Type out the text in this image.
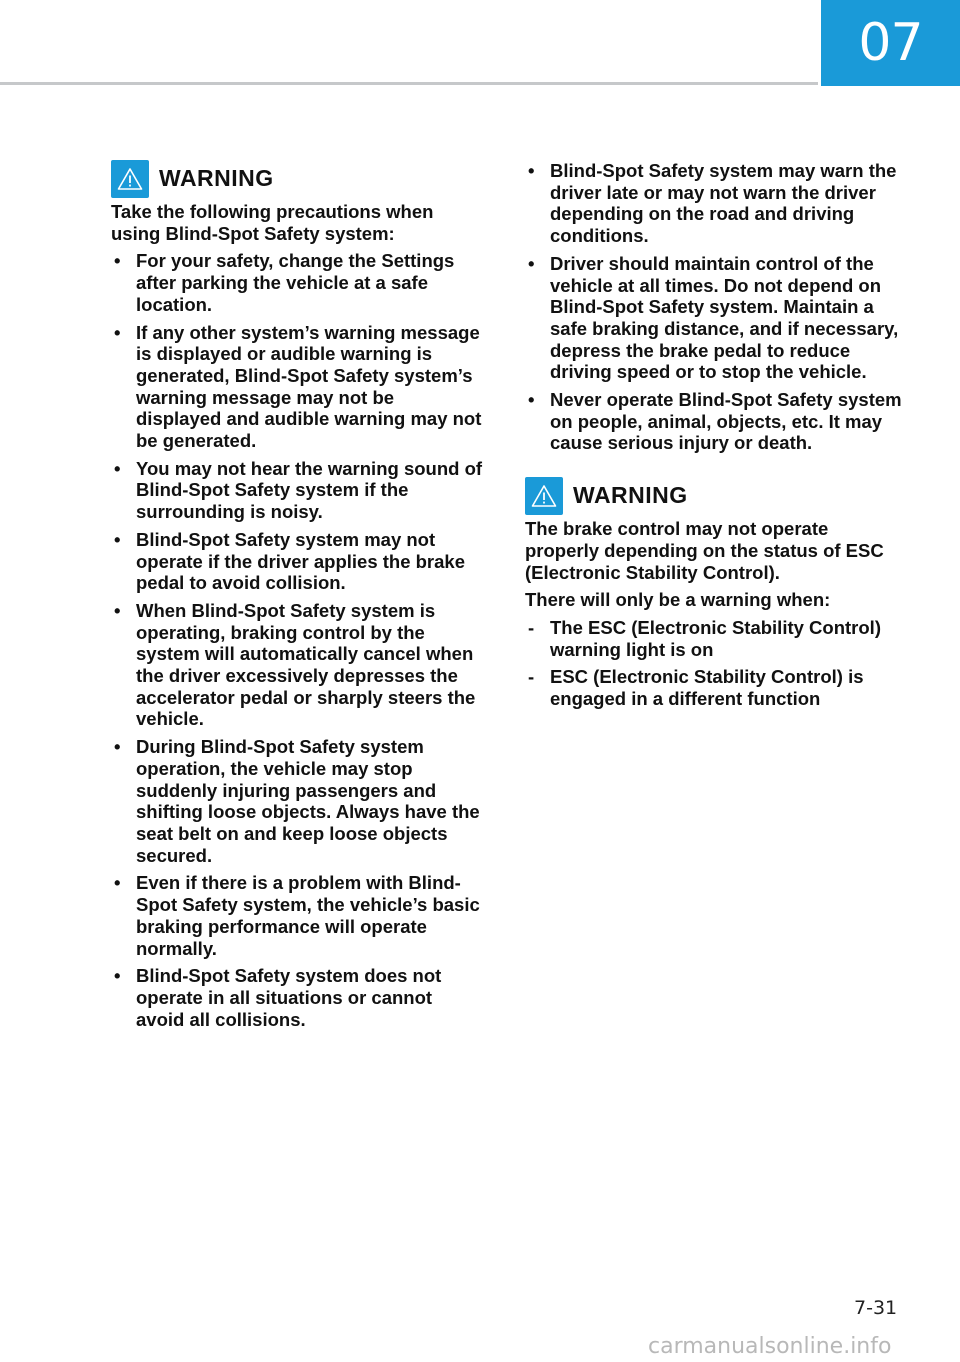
07
WARNING

Take the following precautions when using Blind-Spot Safety system:

• For your safety, change the Settings after parking the vehicle at a safe location.
• If any other system’s warning message is displayed or audible warning is generated, Blind-Spot Safety system’s warning message may not be displayed and audible warning may not be generated.
• You may not hear the warning sound of Blind-Spot Safety system if the surrounding is noisy.
• Blind-Spot Safety system may not operate if the driver applies the brake pedal to avoid collision.
• When Blind-Spot Safety system is operating, braking control by the system will automatically cancel when the driver excessively depresses the accelerator pedal or sharply steers the vehicle.
• During Blind-Spot Safety system operation, the vehicle may stop suddenly injuring passengers and shifting loose objects. Always have the seat belt on and keep loose objects secured.
• Even if there is a problem with Blind-Spot Safety system, the vehicle’s basic braking performance will operate normally.
• Blind-Spot Safety system does not operate in all situations or cannot avoid all collisions.
• Blind-Spot Safety system may warn the driver late or may not warn the driver depending on the road and driving conditions.
• Driver should maintain control of the vehicle at all times. Do not depend on Blind-Spot Safety system. Maintain a safe braking distance, and if necessary, depress the brake pedal to reduce driving speed or to stop the vehicle.
• Never operate Blind-Spot Safety system on people, animal, objects, etc. It may cause serious injury or death.
WARNING

The brake control may not operate properly depending on the status of ESC (Electronic Stability Control).

There will only be a warning when:

- The ESC (Electronic Stability Control) warning light is on
- ESC (Electronic Stability Control) is engaged in a different function
7-31
carmanualsonline.info
